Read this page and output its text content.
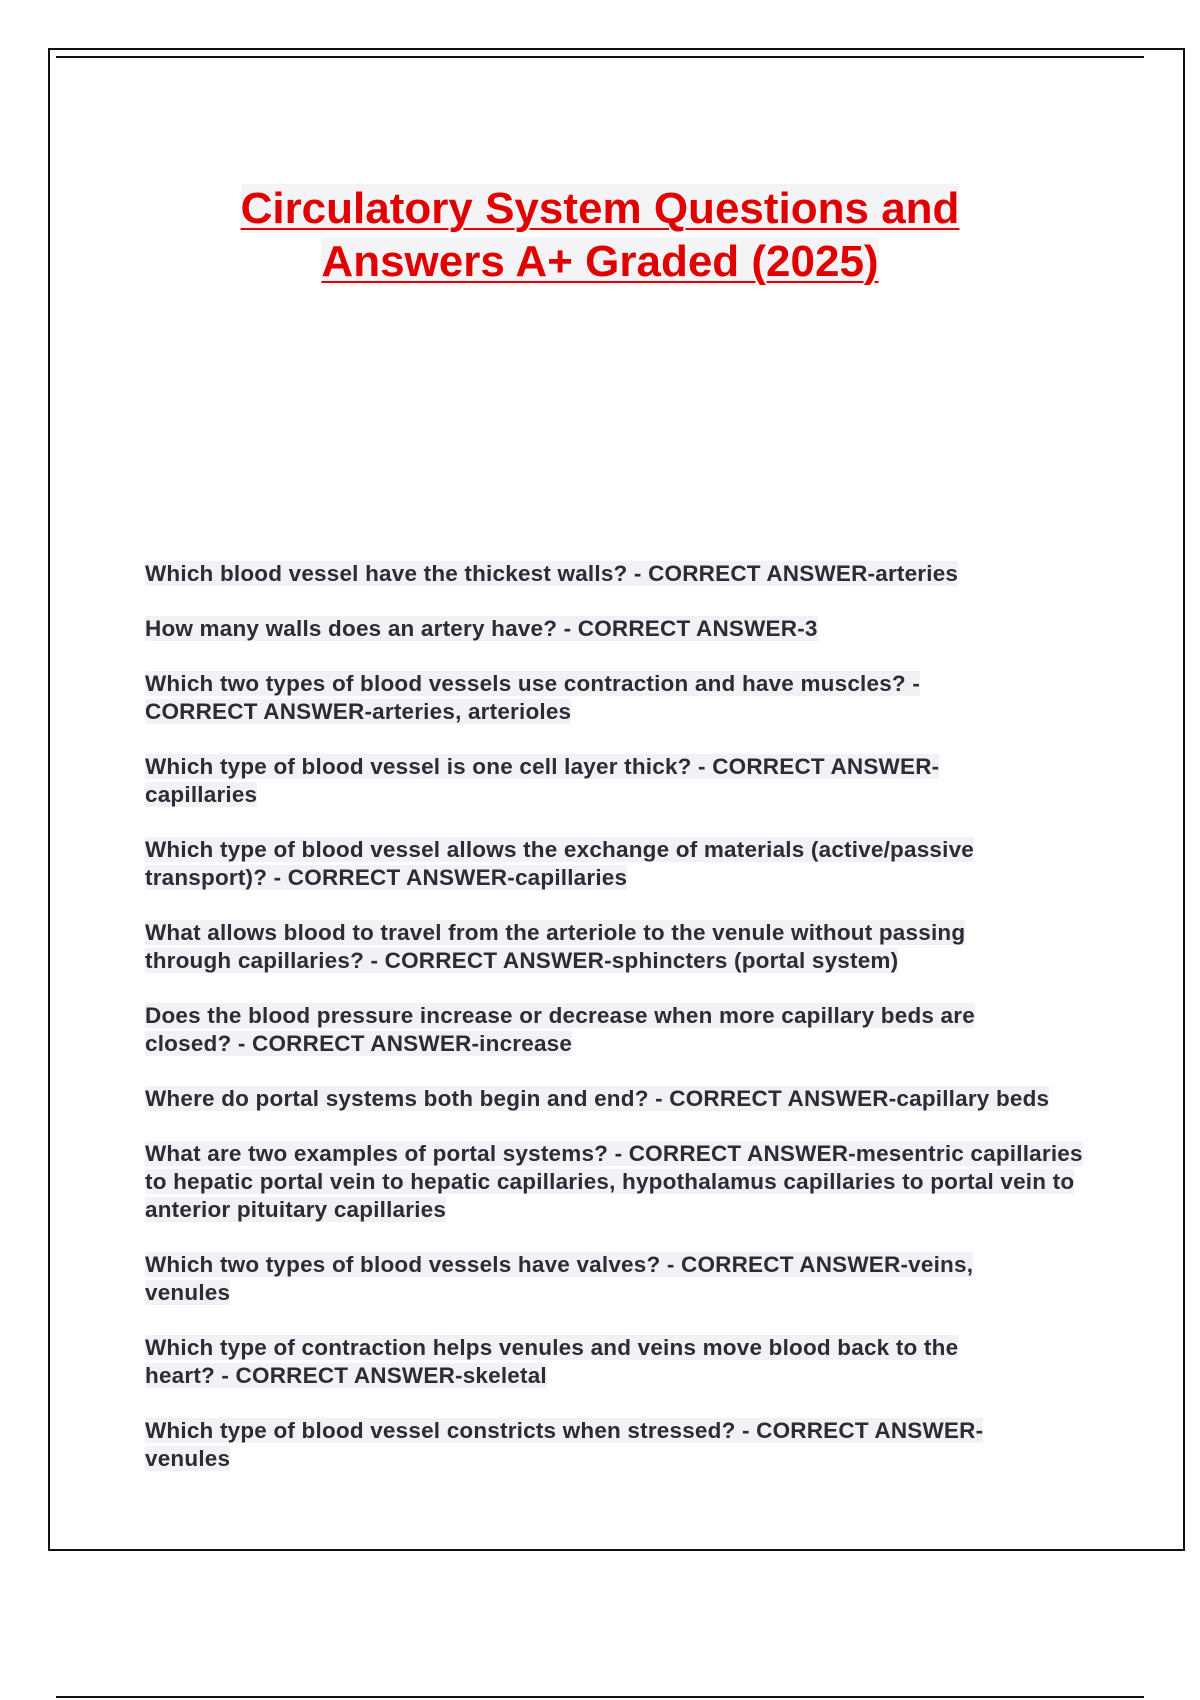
Circulatory System Questions and
Answers A+ Graded (2025)
Which blood vessel have the thickest walls? - CORRECT ANSWER-arteries
How many walls does an artery have? - CORRECT ANSWER-3
Which two types of blood vessels use contraction and have muscles? - CORRECT ANSWER-arteries, arterioles
Which type of blood vessel is one cell layer thick? - CORRECT ANSWER-capillaries
Which type of blood vessel allows the exchange of materials (active/passive transport)? - CORRECT ANSWER-capillaries
What allows blood to travel from the arteriole to the venule without passing through capillaries? - CORRECT ANSWER-sphincters (portal system)
Does the blood pressure increase or decrease when more capillary beds are closed? - CORRECT ANSWER-increase
Where do portal systems both begin and end? - CORRECT ANSWER-capillary beds
What are two examples of portal systems? - CORRECT ANSWER-mesentric capillaries to hepatic portal vein to hepatic capillaries, hypothalamus capillaries to portal vein to anterior pituitary capillaries
Which two types of blood vessels have valves? - CORRECT ANSWER-veins, venules
Which type of contraction helps venules and veins move blood back to the heart? - CORRECT ANSWER-skeletal
Which type of blood vessel constricts when stressed? - CORRECT ANSWER-venules
